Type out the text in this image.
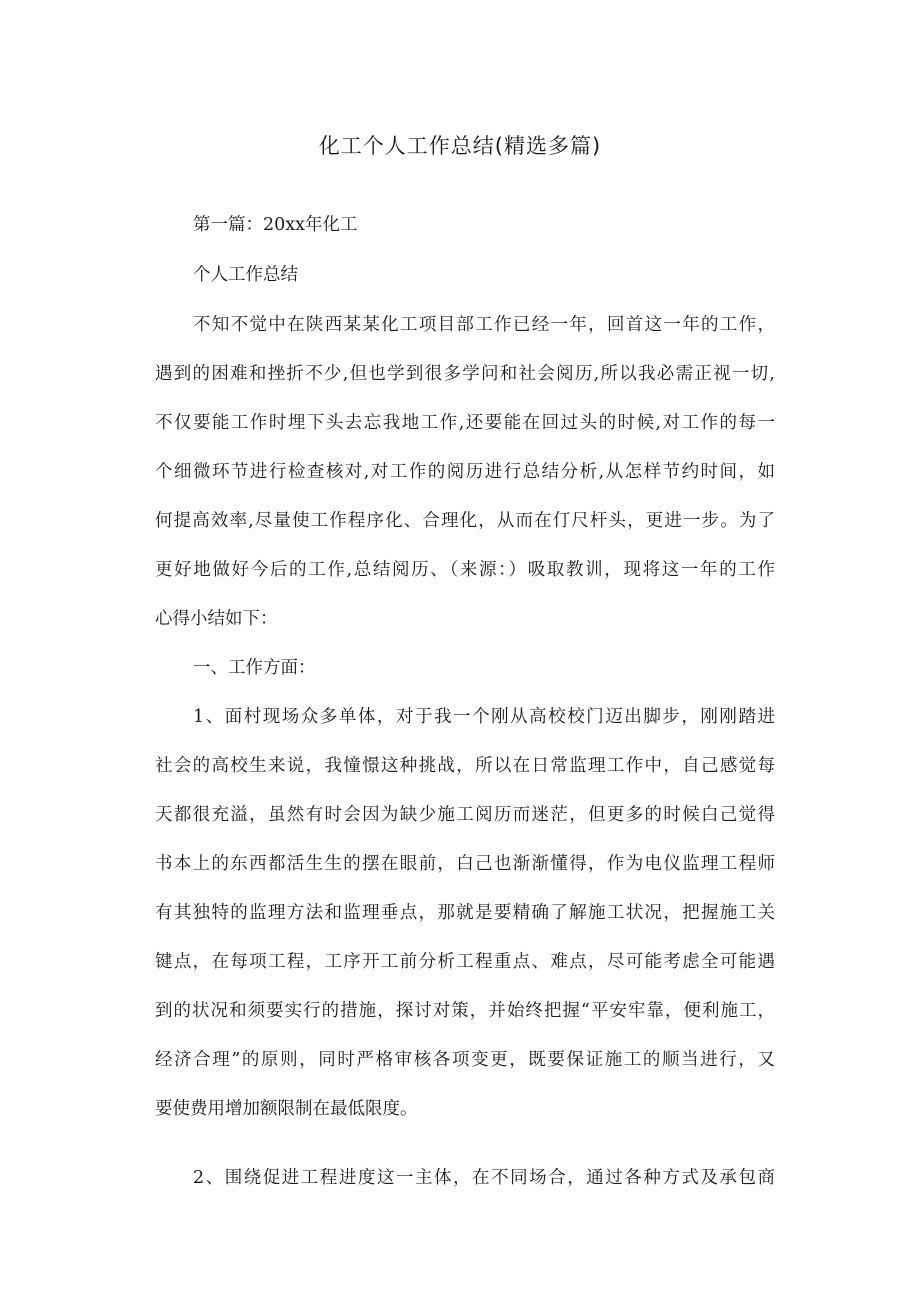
化工个人工作总结(精选多篇)
第一篇：20xx年化工
个人工作总结
不知不觉中在陕西某某化工项目部工作已经一年，回首这一年的工作，
遇到的困难和挫折不少,但也学到很多学问和社会阅历,所以我必需正视一切,
不仅要能工作时埋下头去忘我地工作,还要能在回过头的时候,对工作的每一
个细微环节进行检查核对,对工作的阅历进行总结分析,从怎样节约时间，如
何提高效率,尽量使工作程序化、合理化，从而在仃尺杆头，更进一步。为了
更好地做好今后的工作,总结阅历、（来源：）吸取教训，现将这一年的工作
心得小结如下：
一、工作方面：
1、面村现场众多单体，对于我一个刚从高校校门迈出脚步，刚刚踏进
社会的高校生来说，我憧憬这种挑战，所以在日常监理工作中，自己感觉每
天都很充溢，虽然有时会因为缺少施工阅历而迷茫，但更多的时候白己觉得
书本上的东西都活生生的摆在眼前，白己也渐渐懂得，作为电仪监理工程师
有其独特的监理方法和监理垂点，那就是要精确了解施工状况，把握施工关
键点，在每项工程，工序开工前分析工程重点、难点，尽可能考虑全可能遇
到的状况和须要实行的措施，探讨对策，并始终把握“平安牢靠，便利施工，
经济合理”的原则，同时严格审核各项变更，既要保证施工的顺当进行，又
要使费用增加额限制在最低限度。
2、围绕促进工程进度这一主体，在不同场合，通过各种方式及承包商
